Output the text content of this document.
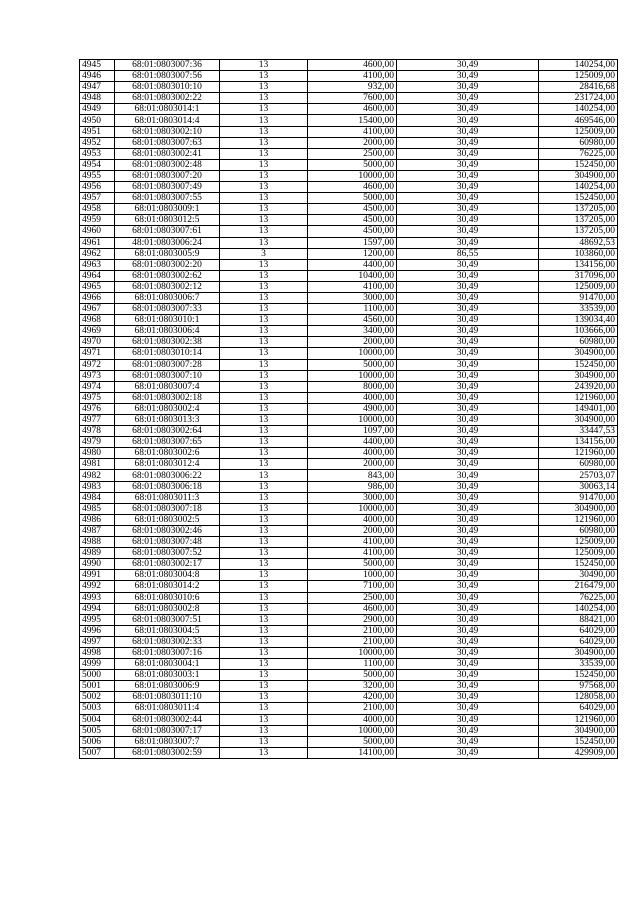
4945	68:01:0803007:36	13	4600,00	30,49	140254,00
4946	68:01:0803007:56	13	4100,00	30,49	125009,00
4947	68:01:0803010:10	13	932,00	30,49	28416,68
4948	68:01:0803002:22	13	7600,00	30,49	231724,00
4949	68:01:0803014:1	13	4600,00	30,49	140254,00
4950	68:01:0803014:4	13	15400,00	30,49	469546,00
4951	68:01:0803002:10	13	4100,00	30,49	125009,00
4952	68:01:0803007:63	13	2000,00	30,49	60980,00
4953	68:01:0803002:41	13	2500,00	30,49	76225,00
4954	68:01:0803002:48	13	5000,00	30,49	152450,00
4955	68:01:0803007:20	13	10000,00	30,49	304900,00
4956	68:01:0803007:49	13	4600,00	30,49	140254,00
4957	68:01:0803007:55	13	5000,00	30,49	152450,00
4958	68:01:0803009:1	13	4500,00	30,49	137205,00
4959	68:01:0803012:5	13	4500,00	30,49	137205,00
4960	68:01:0803007:61	13	4500,00	30,49	137205,00
4961	48:01:0803006:24	13	1597,00	30,49	48692,53
4962	68:01:0803005:9	3	1200,00	86,55	103860,00
4963	68:01:0803002:20	13	4400,00	30,49	134156,00
4964	68:01:0803002:62	13	10400,00	30,49	317096,00
4965	68:01:0803002:12	13	4100,00	30,49	125009,00
4966	68:01:0803006:7	13	3000,00	30,49	91470,00
4967	68:01:0803007:33	13	1100,00	30,49	33539,00
4968	68:01:0803010:1	13	4560,00	30,49	139034,40
4969	68:01:0803006:4	13	3400,00	30,49	103666,00
4970	68:01:0803002:38	13	2000,00	30,49	60980,00
4971	68:01:0803010:14	13	10000,00	30,49	304900,00
4972	68:01:0803007:28	13	5000,00	30,49	152450,00
4973	68:01:0803007:10	13	10000,00	30,49	304900,00
4974	68:01:0803007:4	13	8000,00	30,49	243920,00
4975	68:01:0803002:18	13	4000,00	30,49	121960,00
4976	68:01:0803002:4	13	4900,00	30,49	149401,00
4977	68:01:0803013:3	13	10000,00	30,49	304900,00
4978	68:01:0803002:64	13	1097,00	30,49	33447,53
4979	68:01:0803007:65	13	4400,00	30,49	134156,00
4980	68:01:0803002:6	13	4000,00	30,49	121960,00
4981	68:01:0803012:4	13	2000,00	30,49	60980,00
4982	68:01:0803006:22	13	843,00	30,49	25703,07
4983	68:01:0803006:18	13	986,00	30,49	30063,14
4984	68:01:0803011:3	13	3000,00	30,49	91470,00
4985	68:01:0803007:18	13	10000,00	30,49	304900,00
4986	68:01:0803002:5	13	4000,00	30,49	121960,00
4987	68:01:0803002:46	13	2000,00	30,49	60980,00
4988	68:01:0803007:48	13	4100,00	30,49	125009,00
4989	68:01:0803007:52	13	4100,00	30,49	125009,00
4990	68:01:0803002:17	13	5000,00	30,49	152450,00
4991	68:01:0803004:8	13	1000,00	30,49	30490,00
4992	68:01:0803014:2	13	7100,00	30,49	216479,00
4993	68:01:0803010:6	13	2500,00	30,49	76225,00
4994	68:01:0803002:8	13	4600,00	30,49	140254,00
4995	68:01:0803007:51	13	2900,00	30,49	88421,00
4996	68:01:0803004:5	13	2100,00	30,49	64029,00
4997	68:01:0803002:33	13	2100,00	30,49	64029,00
4998	68:01:0803007:16	13	10000,00	30,49	304900,00
4999	68:01:0803004:1	13	1100,00	30,49	33539,00
5000	68:01:0803003:1	13	5000,00	30,49	152450,00
5001	68:01:0803006:9	13	3200,00	30,49	97568,00
5002	68:01:0803011:10	13	4200,00	30,49	128058,00
5003	68:01:0803011:4	13	2100,00	30,49	64029,00
5004	68:01:0803002:44	13	4000,00	30,49	121960,00
5005	68:01:0803007:17	13	10000,00	30,49	304900,00
5006	68:01:0803007:7	13	5000,00	30,49	152450,00
5007	68:01:0803002:59	13	14100,00	30,49	429909,00
